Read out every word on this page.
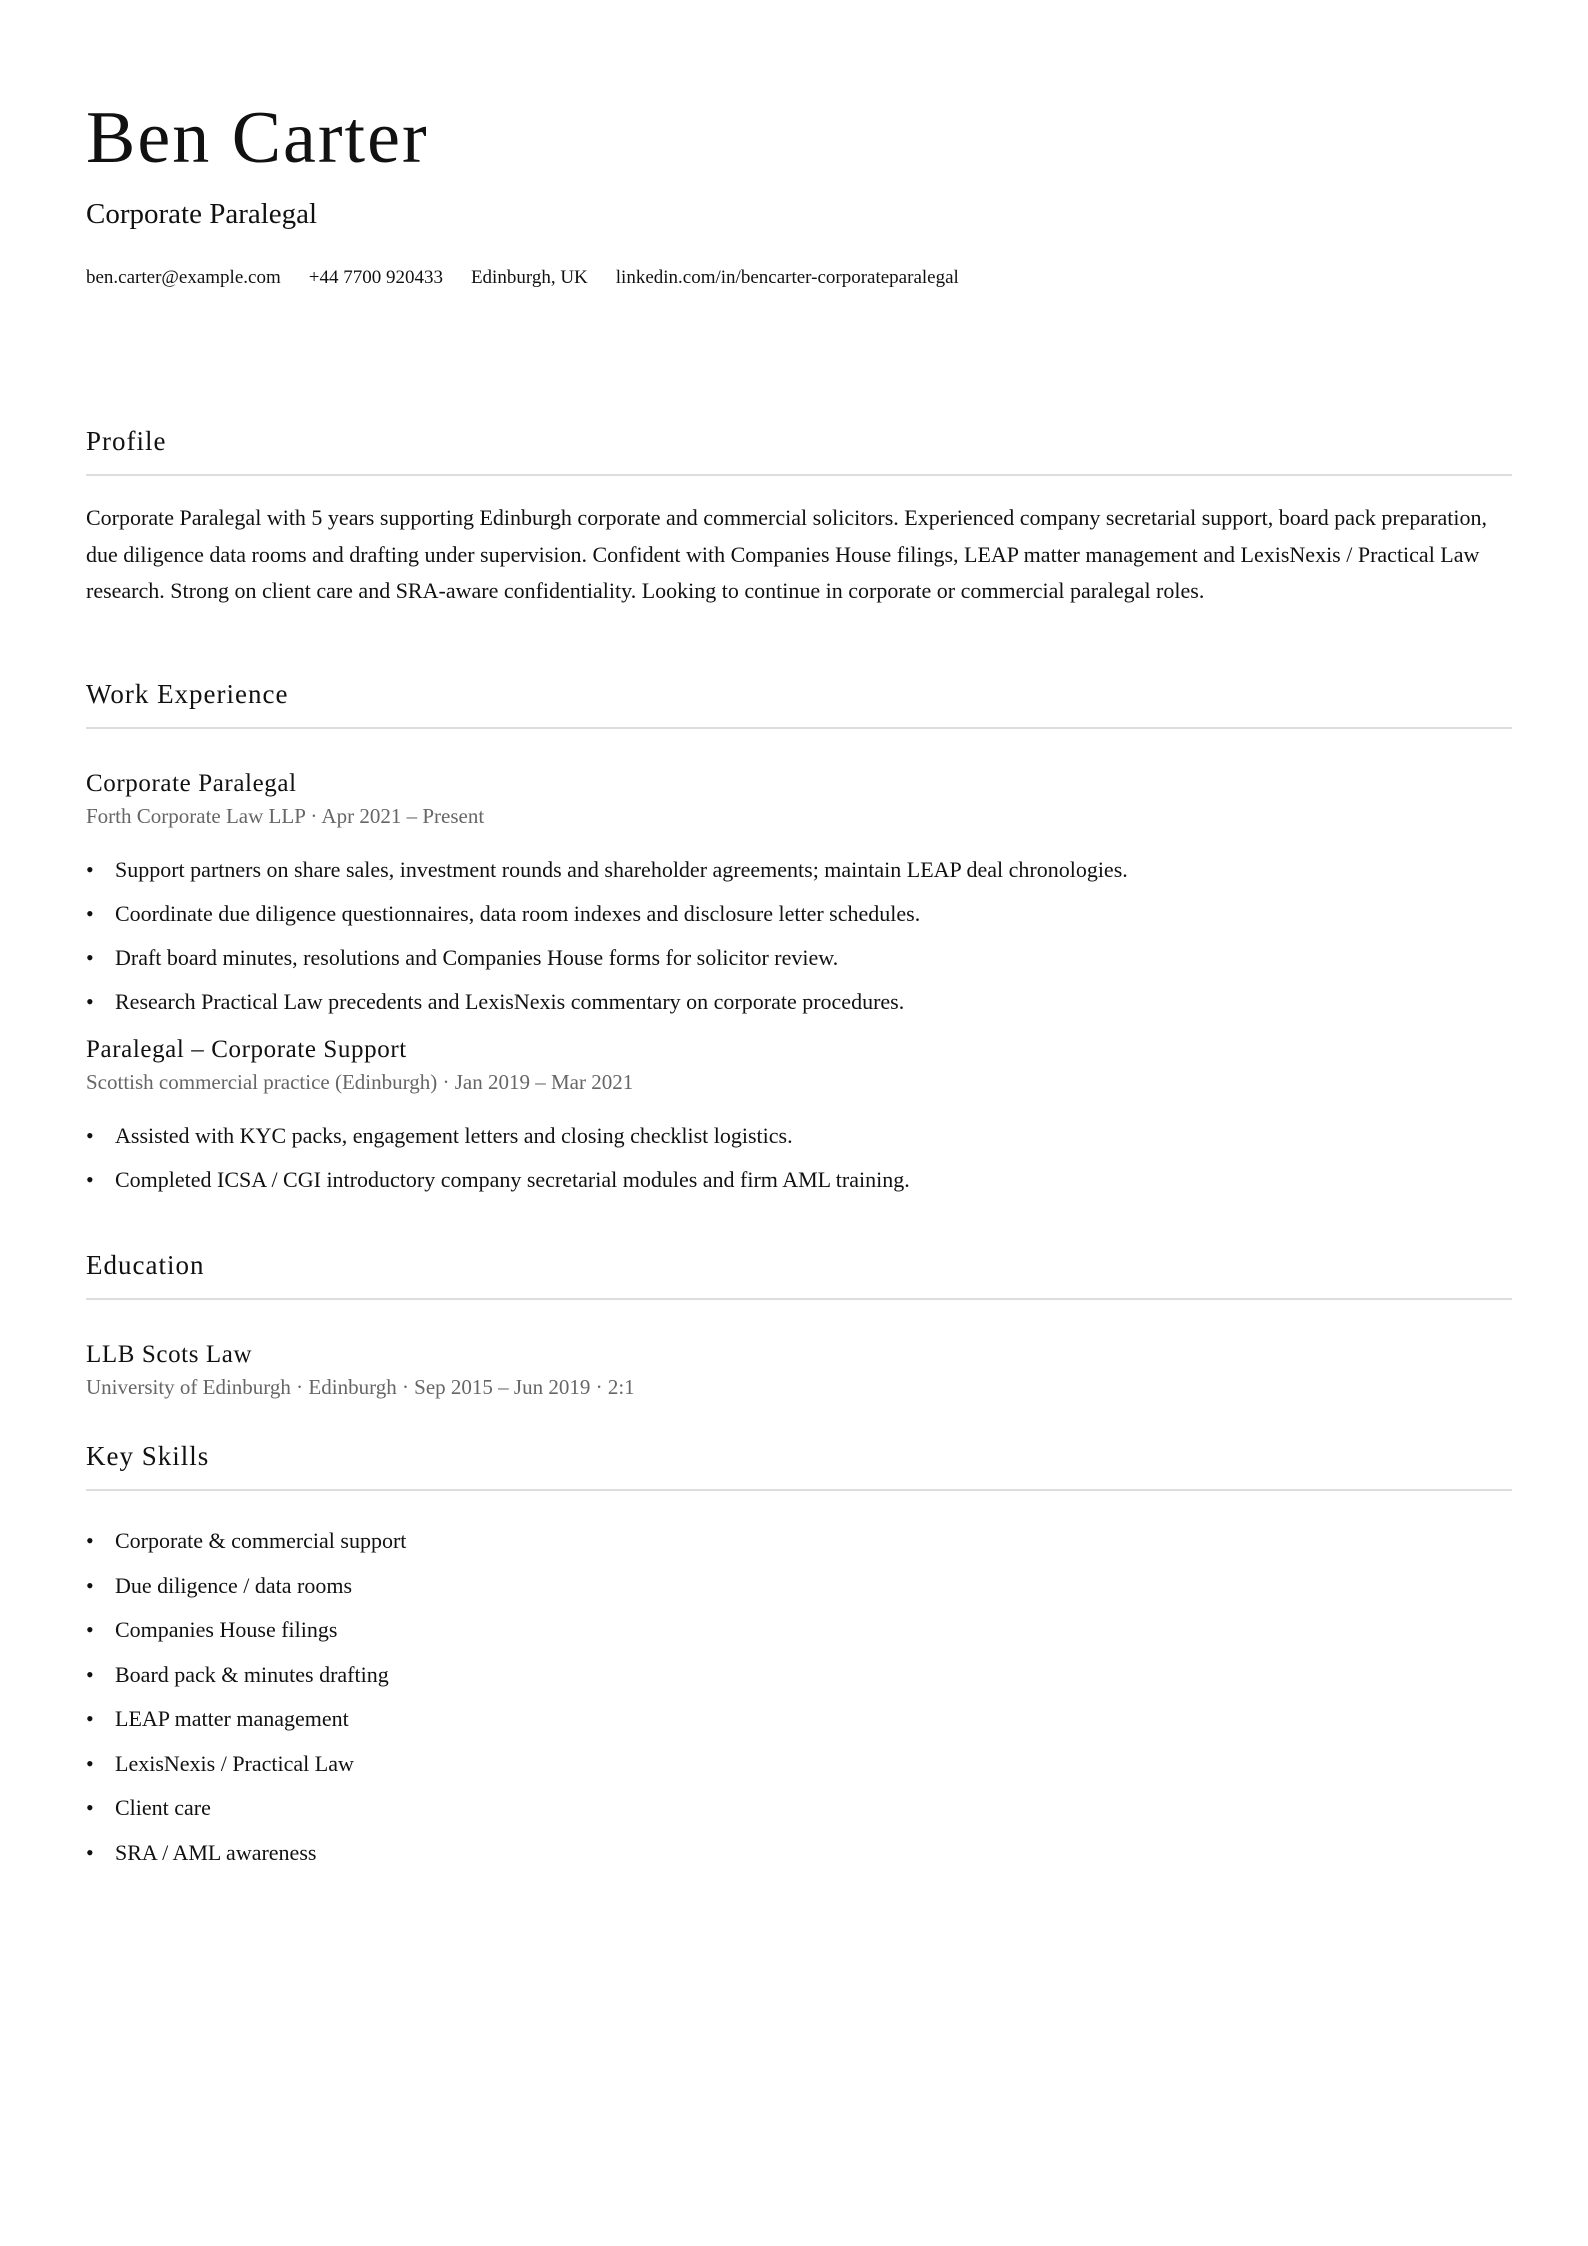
Ben Carter
Corporate Paralegal
ben.carter@example.com +44 7700 920433 Edinburgh, UK linkedin.com/in/bencarter-corporateparalegal
Profile

Corporate Paralegal with 5 years supporting Edinburgh corporate and commercial solicitors. Experienced company secretarial support, board pack preparation, due diligence data rooms and drafting under supervision. Confident with Companies House filings, LEAP matter management and LexisNexis / Practical Law research. Strong on client care and SRA-aware confidentiality. Looking to continue in corporate or commercial paralegal roles.

Work Experience
Corporate Paralegal
Forth Corporate Law LLP · Apr 2021 – Present
• Support partners on share sales, investment rounds and shareholder agreements; maintain LEAP deal chronologies.
• Coordinate due diligence questionnaires, data room indexes and disclosure letter schedules.
• Draft board minutes, resolutions and Companies House forms for solicitor review.
• Research Practical Law precedents and LexisNexis commentary on corporate procedures.
Paralegal – Corporate Support
Scottish commercial practice (Edinburgh) · Jan 2019 – Mar 2021
• Assisted with KYC packs, engagement letters and closing checklist logistics.
• Completed ICSA / CGI introductory company secretarial modules and firm AML training.
Education
LLB Scots Law
University of Edinburgh · Edinburgh · Sep 2015 – Jun 2019 · 2:1
Key Skills
• Corporate & commercial support
• Due diligence / data rooms
• Companies House filings
• Board pack & minutes drafting
• LEAP matter management
• LexisNexis / Practical Law
• Client care
• SRA / AML awareness
